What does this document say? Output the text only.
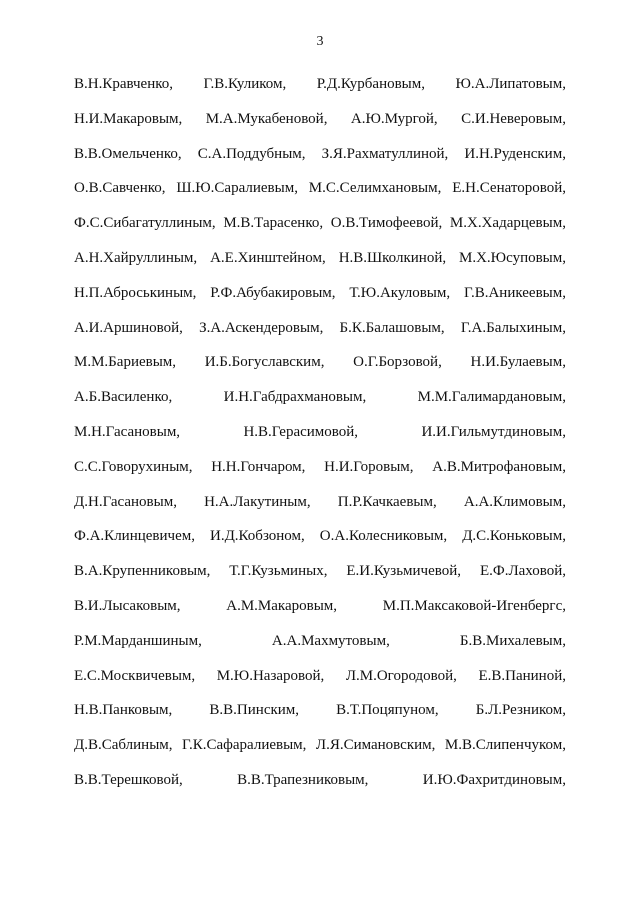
3
В.Н.Кравченко, Г.В.Куликом, Р.Д.Курбановым, Ю.А.Липатовым,
Н.И.Макаровым, М.А.Мукабеновой, А.Ю.Мургой, С.И.Неверовым,
В.В.Омельченко, С.А.Поддубным, З.Я.Рахматуллиной, И.Н.Руденским,
О.В.Савченко, Ш.Ю.Саралиевым, М.С.Селимхановым, Е.Н.Сенаторовой,
Ф.С.Сибагатуллиным, М.В.Тарасенко, О.В.Тимофеевой, М.Х.Хадарцевым,
А.Н.Хайруллиным, А.Е.Хинштейном, Н.В.Школкиной, М.Х.Юсуповым,
Н.П.Аброськиным, Р.Ф.Абубакировым, Т.Ю.Акуловым, Г.В.Аникеевым,
А.И.Аршиновой, З.А.Аскендеровым, Б.К.Балашовым, Г.А.Балыхиным,
М.М.Бариевым, И.Б.Богуславским, О.Г.Борзовой, Н.И.Булаевым,
А.Б.Василенко,	И.Н.Габдрахмановым,	М.М.Галимардановым,
М.Н.Гасановым,	Н.В.Герасимовой,	И.И.Гильмутдиновым,
С.С.Говорухиным, Н.Н.Гончаром, Н.И.Горовым, А.В.Митрофановым,
Д.Н.Гасановым, Н.А.Лакутиным, П.Р.Качкаевым, А.А.Климовым,
Ф.А.Клинцевичем, И.Д.Кобзоном, О.А.Колесниковым, Д.С.Коньковым,
В.А.Крупенниковым, Т.Г.Кузьминых, Е.И.Кузьмичевой, Е.Ф.Лаховой,
В.И.Лысаковым,	А.М.Макаровым,	М.П.Максаковой-Игенбергс,
Р.М.Марданшиным,	А.А.Махмутовым,	Б.В.Михалевым,
Е.С.Москвичевым, М.Ю.Назаровой, Л.М.Огородовой, Е.В.Паниной,
Н.В.Панковым, В.В.Пинским, В.Т.Поцяпуном, Б.Л.Резником,
Д.В.Саблиным, Г.К.Сафаралиевым, Л.Я.Симановским, М.В.Слипенчуком,
В.В.Терешковой,	В.В.Трапезниковым,	И.Ю.Фахритдиновым,
